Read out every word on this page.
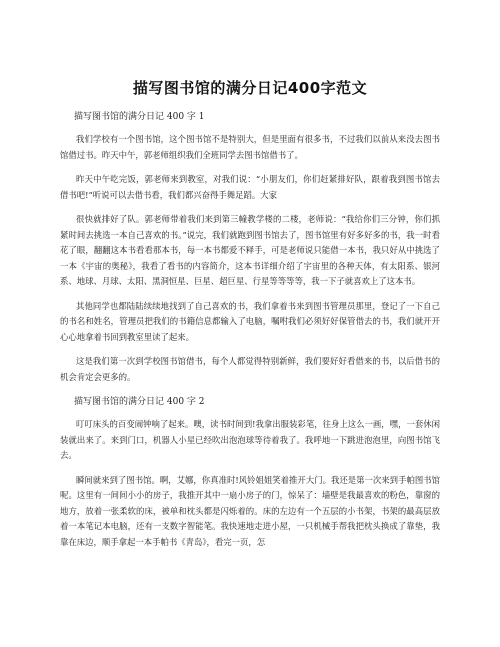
描写图书馆的满分日记400字范文

描写图书馆的满分日记 400 字 1

我们学校有一个图书馆，这个图书馆不是特别大，但是里面有很多书，不过我们以前从来没去图书馆借过书。昨天中午，郭老师组织我们全班同学去图书馆借书了。

昨天中午吃完饭，郭老师来到教室，对我们说：“小朋友们，你们赶紧排好队，跟着我到图书馆去借书吧!”听说可以去借书看，我们都兴奋得手舞足蹈。大家

很快就排好了队。郭老师带着我们来到第三幢教学楼的二楼，老师说：“我给你们三分钟，你们抓紧时间去挑选一本自己喜欢的书。”说完，我们就跑到图书馆去了，图书馆里有好多好多的书，我一时看花了眼，翻翻这本书看看那本书，每一本书都爱不释手，可是老师说只能借一本书，我只好从中挑选了一本《宇宙的奥秘》，我看了看书的内容简介，这本书详细介绍了宇宙里的各种天体，有太阳系、银河系、地球、月球、太阳、黑洞恒星、巨星、超巨星、行星等等等等，我一下子就喜欢上了这本书。

其他同学也都陆陆续续地找到了自己喜欢的书，我们拿着书来到图书管理员那里，登记了一下自己的书名和姓名，管理员把我们的书籍信息都输入了电脑，嘱咐我们必须好好保管借去的书，我们就开开心心地拿着书回到教室里读了起来。

这是我们第一次到学校图书馆借书，每个人都觉得特别新鲜，我们要好好看借来的书，以后借书的机会肯定会更多的。

描写图书馆的满分日记 400 字 2

叮叮床头的百变闹钟响了起来。噢，读书时间到!我拿出服装彩笔，往身上这么一画，嘿，一套休闲装就出来了。来到门口，机器人小星已经吹出泡泡球等待着我了。我呼地一下跳进泡泡里，向图书馆飞去。

瞬间就来到了图书馆。啊，艾娜，你真准时!风铃姐姐笑着推开大门。我还是第一次来到手帕图书馆呢。这里有一间间小小的房子，我推开其中一扇小房子的门，惊呆了：墙壁是我最喜欢的粉色，靠窗的地方，放着一张柔软的床，被单和枕头都是闪烁着的。床的左边有一个五层的小书架，书架的最高层放着一本笔记本电脑，还有一支数字智能笔。我快速地走进小屋，一只机械手帮我把枕头换成了靠垫，我靠在床边，顺手拿起一本手帕书《青岛》，看完一页，怎
